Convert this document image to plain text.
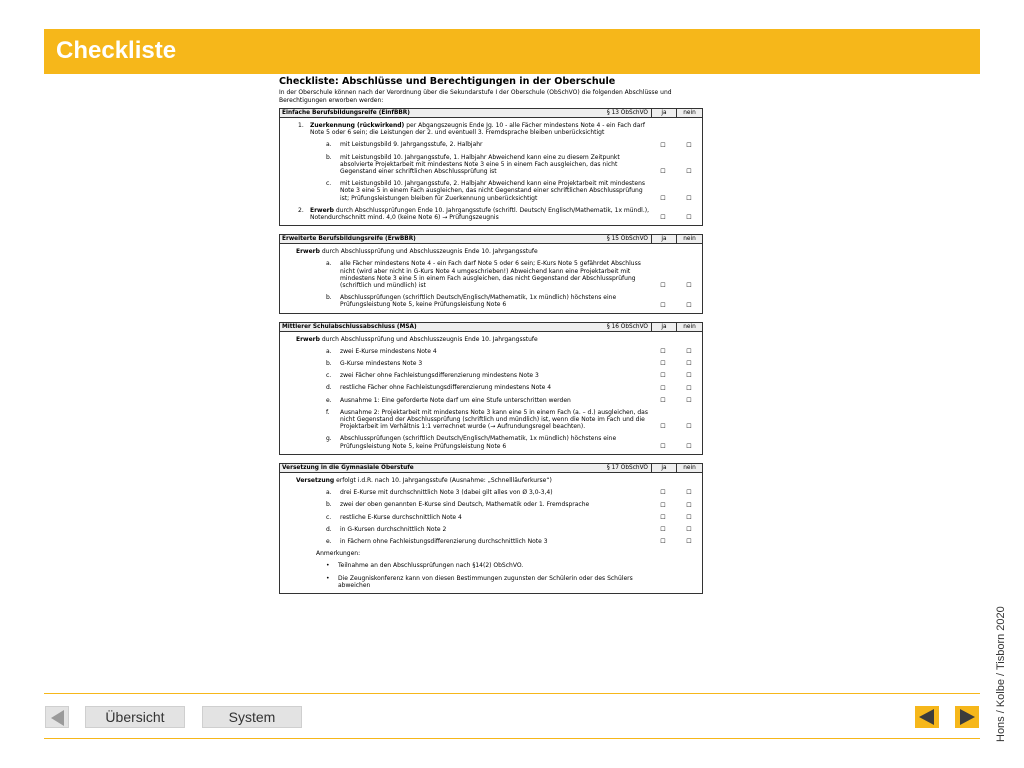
Checkliste
Checkliste: Abschlüsse und Berechtigungen in der Oberschule
In der Oberschule können nach der Verordnung über die Sekundarstufe I der Oberschule (ObSchVO) die folgenden Abschlüsse und Berechtigungen erworben werden:
Einfache Berufsbildungsreife (EinfBBR)	§ 13 ObSchVO	ja	nein
1.	Zuerkennung (rückwirkend) per Abgangszeugnis Ende Jg. 10 - alle Fächer mindestens Note 4 - ein Fach darf Note 5 oder 6 sein; die Leistungen der 2. und eventuell 3. Fremdsprache bleiben unberücksichtigt
a.	mit Leistungsbild 9. Jahrgangsstufe, 2. Halbjahr	☐	☐
b.	mit Leistungsbild 10. Jahrgangsstufe, 1. Halbjahr Abweichend kann eine zu diesem Zeitpunkt absolvierte Projektarbeit mit mindestens Note 3 eine 5 in einem Fach ausgleichen, das nicht Gegenstand einer schriftlichen Abschlussprüfung ist	☐	☐
c.	mit Leistungsbild 10. Jahrgangsstufe, 2. Halbjahr Abweichend kann eine Projektarbeit mit mindestens Note 3 eine 5 in einem Fach ausgleichen, das nicht Gegenstand einer schriftlichen Abschlussprüfung ist; Prüfungsleistungen bleiben für Zuerkennung unberücksichtigt	☐	☐
2.	Erwerb durch Abschlussprüfungen Ende 10. Jahrgangsstufe (schriftl. Deutsch/ Englisch/Mathematik, 1x mündl.), Notendurchschnitt mind. 4,0 (keine Note 6) → Prüfungszeugnis	☐	☐
Erweiterte Berufsbildungsreife (ErwBBR)	§ 15 ObSchVO	ja	nein
Erwerb durch Abschlussprüfung und Abschlusszeugnis Ende 10. Jahrgangsstufe
a.	alle Fächer mindestens Note 4 - ein Fach darf Note 5 oder 6 sein; E-Kurs Note 5 gefährdet Abschluss nicht (wird aber nicht in G-Kurs Note 4 umgeschrieben!) Abweichend kann eine Projektarbeit mit mindestens Note 3 eine 5 in einem Fach ausgleichen, das nicht Gegenstand der Abschlussprüfung (schriftlich und mündlich) ist	☐	☐
b.	Abschlussprüfungen (schriftlich Deutsch/Englisch/Mathematik, 1x mündlich) höchstens eine Prüfungsleistung Note 5, keine Prüfungsleistung Note 6	☐	☐
Mittlerer Schulabschlussabschluss (MSA)	§ 16 ObSchVO	ja	nein
Erwerb durch Abschlussprüfung und Abschlusszeugnis Ende 10. Jahrgangsstufe
a.	zwei E-Kurse mindestens Note 4	☐	☐
b.	G-Kurse mindestens Note 3	☐	☐
c.	zwei Fächer ohne Fachleistungsdifferenzierung mindestens Note 3	☐	☐
d.	restliche Fächer ohne Fachleistungsdifferenzierung mindestens Note 4	☐	☐
e.	Ausnahme 1: Eine geforderte Note darf um eine Stufe unterschritten werden	☐	☐
f.	Ausnahme 2: Projektarbeit mit mindestens Note 3 kann eine 5 in einem Fach (a. – d.) ausgleichen, das nicht Gegenstand der Abschlussprüfung (schriftlich und mündlich) ist, wenn die Note im Fach und die Projektarbeit im Verhältnis 1:1 verrechnet wurde (→ Aufrundungsregel beachten).	☐	☐
g.	Abschlussprüfungen (schriftlich Deutsch/Englisch/Mathematik, 1x mündlich) höchstens eine Prüfungsleistung Note 5, keine Prüfungsleistung Note 6	☐	☐
Versetzung in die Gymnasiale Oberstufe	§ 17 ObSchVO	ja	nein
Versetzung erfolgt i.d.R. nach 10. Jahrgangsstufe (Ausnahme: „Schnellläuferkurse“)
a.	drei E-Kurse mit durchschnittlich Note 3 (dabei gilt alles von Ø 3,0-3,4)	☐	☐
b.	zwei der oben genannten E-Kurse sind Deutsch, Mathematik oder 1. Fremdsprache	☐	☐
c.	restliche E-Kurse durchschnittlich Note 4	☐	☐
d.	in G-Kursen durchschnittlich Note 2	☐	☐
e.	in Fächern ohne Fachleistungsdifferenzierung durchschnittlich Note 3	☐	☐
Anmerkungen:
•	Teilnahme an den Abschlussprüfungen nach §14(2) ObSchVO.
•	Die Zeugniskonferenz kann von diesen Bestimmungen zugunsten der Schülerin oder des Schülers abweichen
Hons / Kolbe / Tisborn 2020
Übersicht	System
